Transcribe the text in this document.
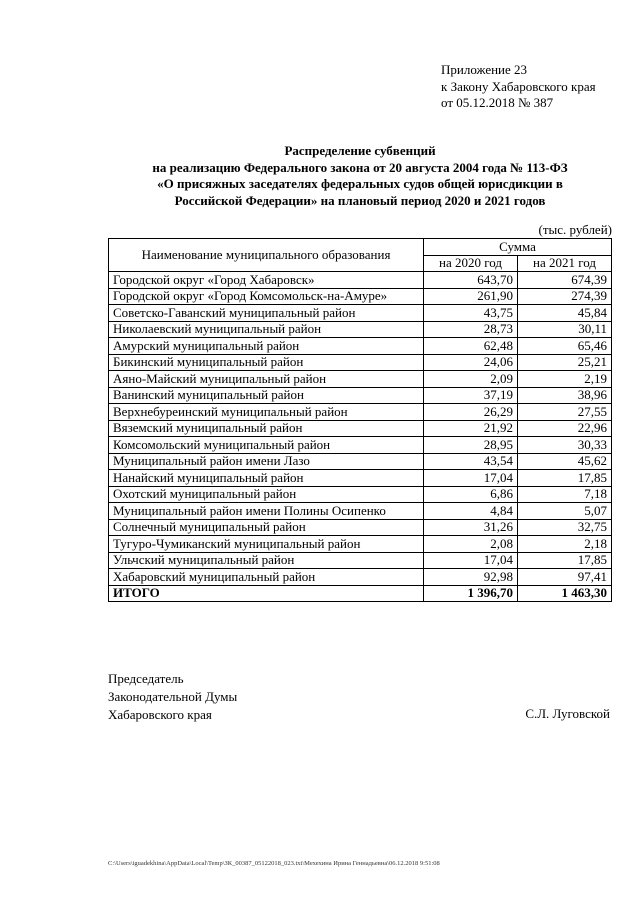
Приложение 23
к Закону Хабаровского края
от 05.12.2018 № 387
Распределение субвенций
на реализацию Федерального закона от 20 августа 2004 года № 113-ФЗ
«О присяжных заседателях федеральных судов общей юрисдикции в
Российской Федерации» на плановый период 2020 и 2021 годов
(тыс. рублей)
Наименование муниципального образования	Сумма	
	на 2020 год	на 2021 год
Городской округ «Город Хабаровск»	643,70	674,39
Городской округ «Город Комсомольск-на-Амуре»	261,90	274,39
Советско-Гаванский муниципальный район	43,75	45,84
Николаевский муниципальный район	28,73	30,11
Амурский муниципальный район	62,48	65,46
Бикинский муниципальный район	24,06	25,21
Аяно-Майский муниципальный район	2,09	2,19
Ванинский муниципальный район	37,19	38,96
Верхнебуреинский муниципальный район	26,29	27,55
Вяземский муниципальный район	21,92	22,96
Комсомольский муниципальный район	28,95	30,33
Муниципальный район имени Лазо	43,54	45,62
Нанайский муниципальный район	17,04	17,85
Охотский муниципальный район	6,86	7,18
Муниципальный район имени Полины Осипенко	4,84	5,07
Солнечный муниципальный район	31,26	32,75
Тугуро-Чумиканский муниципальный район	2,08	2,18
Ульчский муниципальный район	17,04	17,85
Хабаровский муниципальный район	92,98	97,41
ИТОГО	1 396,70	1 463,30
Председатель
Законодательной Думы
Хабаровского края	С.Л. Луговской
C:\Users\iguadekhina\AppData\Local\Temp\ЗК_00387_05122018_023.txt\Мехехина Ирина Геннадьевна\06.12.2018 9:51:08
